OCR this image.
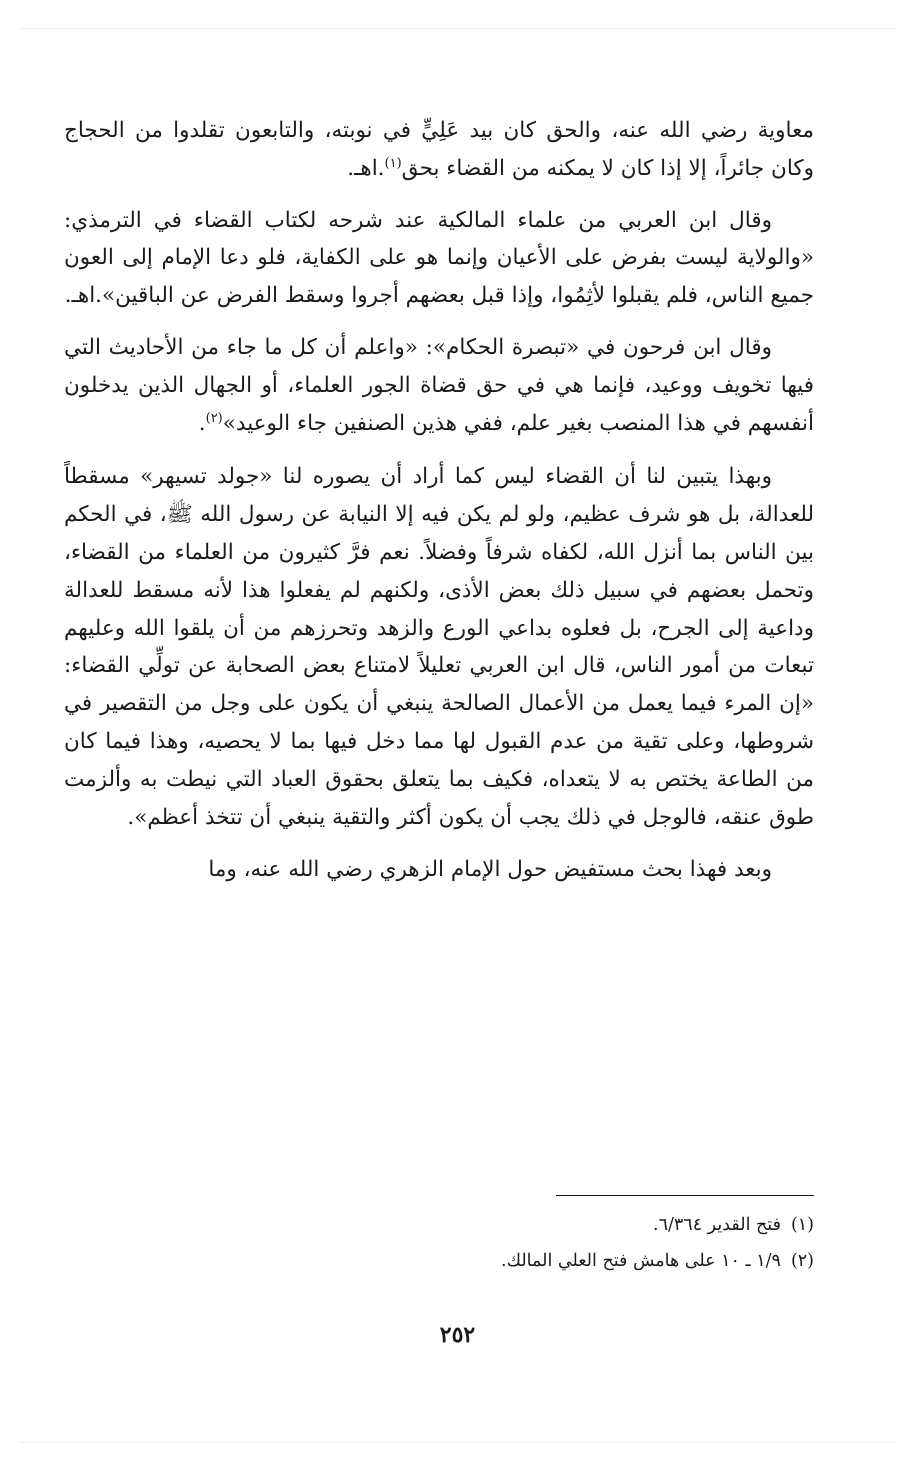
معاوية رضي الله عنه، والحق كان بيد عَلِيٍّ في نوبته، والتابعون تقلدوا من الحجاج وكان جائراً، إلا إذا كان لا يمكنه من القضاء بحق$^{(١)}$.اهـ.

وقال ابن العربي من علماء المالكية عند شرحه لكتاب القضاء في الترمذي: «والولاية ليست بفرض على الأعيان وإنما هو على الكفاية، فلو دعا الإمام إلى العون جميع الناس، فلم يقبلوا لأثِمُوا، وإذا قبل بعضهم أجروا وسقط الفرض عن الباقين».اهـ.

وقال ابن فرحون في «تبصرة الحكام»: «واعلم أن كل ما جاء من الأحاديث التي فيها تخويف ووعيد، فإنما هي في حق قضاة الجور العلماء، أو الجهال الذين يدخلون أنفسهم في هذا المنصب بغير علم، ففي هذين الصنفين جاء الوعيد»$^{(٢)}$.

وبهذا يتبين لنا أن القضاء ليس كما أراد أن يصوره لنا «جولد تسيهر» مسقطاً للعدالة، بل هو شرف عظيم، ولو لم يكن فيه إلا النيابة عن رسول الله ﷺ، في الحكم بين الناس بما أنزل الله، لكفاه شرفاً وفضلاً. نعم فرَّ كثيرون من العلماء من القضاء، وتحمل بعضهم في سبيل ذلك بعض الأذى، ولكنهم لم يفعلوا هذا لأنه مسقط للعدالة وداعية إلى الجرح، بل فعلوه بداعي الورع والزهد وتحرزهم من أن يلقوا الله وعليهم تبعات من أمور الناس، قال ابن العربي تعليلاً لامتناع بعض الصحابة عن تولِّي القضاء: «إن المرء فيما يعمل من الأعمال الصالحة ينبغي أن يكون على وجل من التقصير في شروطها، وعلى تقية من عدم القبول لها مما دخل فيها بما لا يحصيه، وهذا فيما كان من الطاعة يختص به لا يتعداه، فكيف بما يتعلق بحقوق العباد التي نيطت به وألزمت طوق عنقه، فالوجل في ذلك يجب أن يكون أكثر والتقية ينبغي أن تتخذ أعظم».

وبعد فهذا بحث مستفيض حول الإمام الزهري رضي الله عنه، وما

(١)فتح القدير ٦/٣٦٤.

(٢)١/٩ ـ ١٠ على هامش فتح العلي المالك.

٢٥٢
